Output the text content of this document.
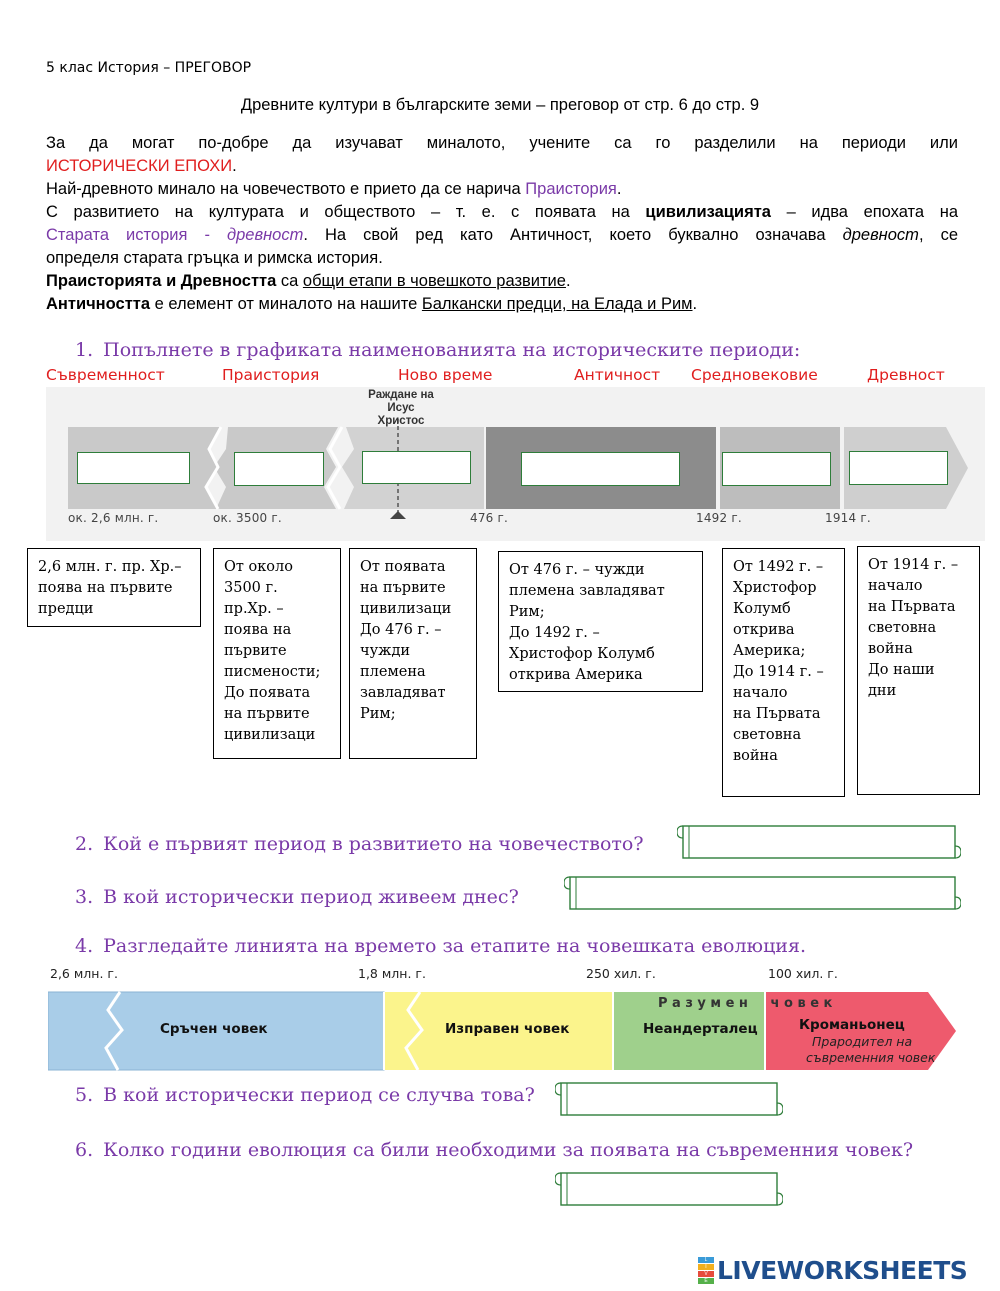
5 клас История – ПРЕГОВОР
Древните култури в българските земи – преговор от стр. 6 до стр. 9
За да могат по-добре да изучават миналото, учените са го разделили на периоди или
ИСТОРИЧЕСКИ ЕПОХИ.
Най-древното минало на човечеството е прието да се нарича Праистория.
С развитието на културата и обществото – т. е. с появата на цивилизацията – идва епохата на
Старата история - древност. На свой ред като Античност, което буквално означава древност, се
определя старата гръцка и римска история.
Праисторията и Древността са общи етапи в човешкото развитие.
Античността е елемент от миналото на нашите Балкански предци, на Елада и Рим.
1. Попълнете в графиката наименованията на историческите периоди:
Съвременност	Праистория	Ново време	Античност Средновековие	Древност
Раждане на
Исус Христос
ок. 2,6 млн. г.	ок. 3500 г.	476 г.	1492 г.	1914 г.
2,6 млн. г. пр. Хр.–
поява на първите
предци
От около
3500 г.
пр.Хр. –
поява на
първите
писмености;
До появата
на първите
цивилизаци
От появата
на първите
цивилизаци
До 476 г. –
чужди
племена
завладяват
Рим;
От 476 г. – чужди
племена завладяват
Рим;
До 1492 г. –
Христофор Колумб
открива Америка
От 1492 г. –
Христофор
Колумб
открива
Америка;
До 1914 г. –
начало
на Първата
световна
война
От 1914 г. –
начало
на Първата
световна
война
До наши
дни
2. Кой е първият период в развитието на човечеството?
3. В кой исторически период живеем днес?
4. Разгледайте линията на времето за етапите на човешката еволюция.
2,6 млн. г.	1,8 млн. г.	250 хил. г.	100 хил. г.
Р а з у м е н     ч о в е к
Сръчен човек	Изправен човек	Неандерталец	Кроманьонец
Прародител на
съвременния човек
5. В кой исторически период се случва това?
6. Колко години еволюция са били необходими за появата на съвременния човек?
L
I
V
E LIVEWORKSHEETS
